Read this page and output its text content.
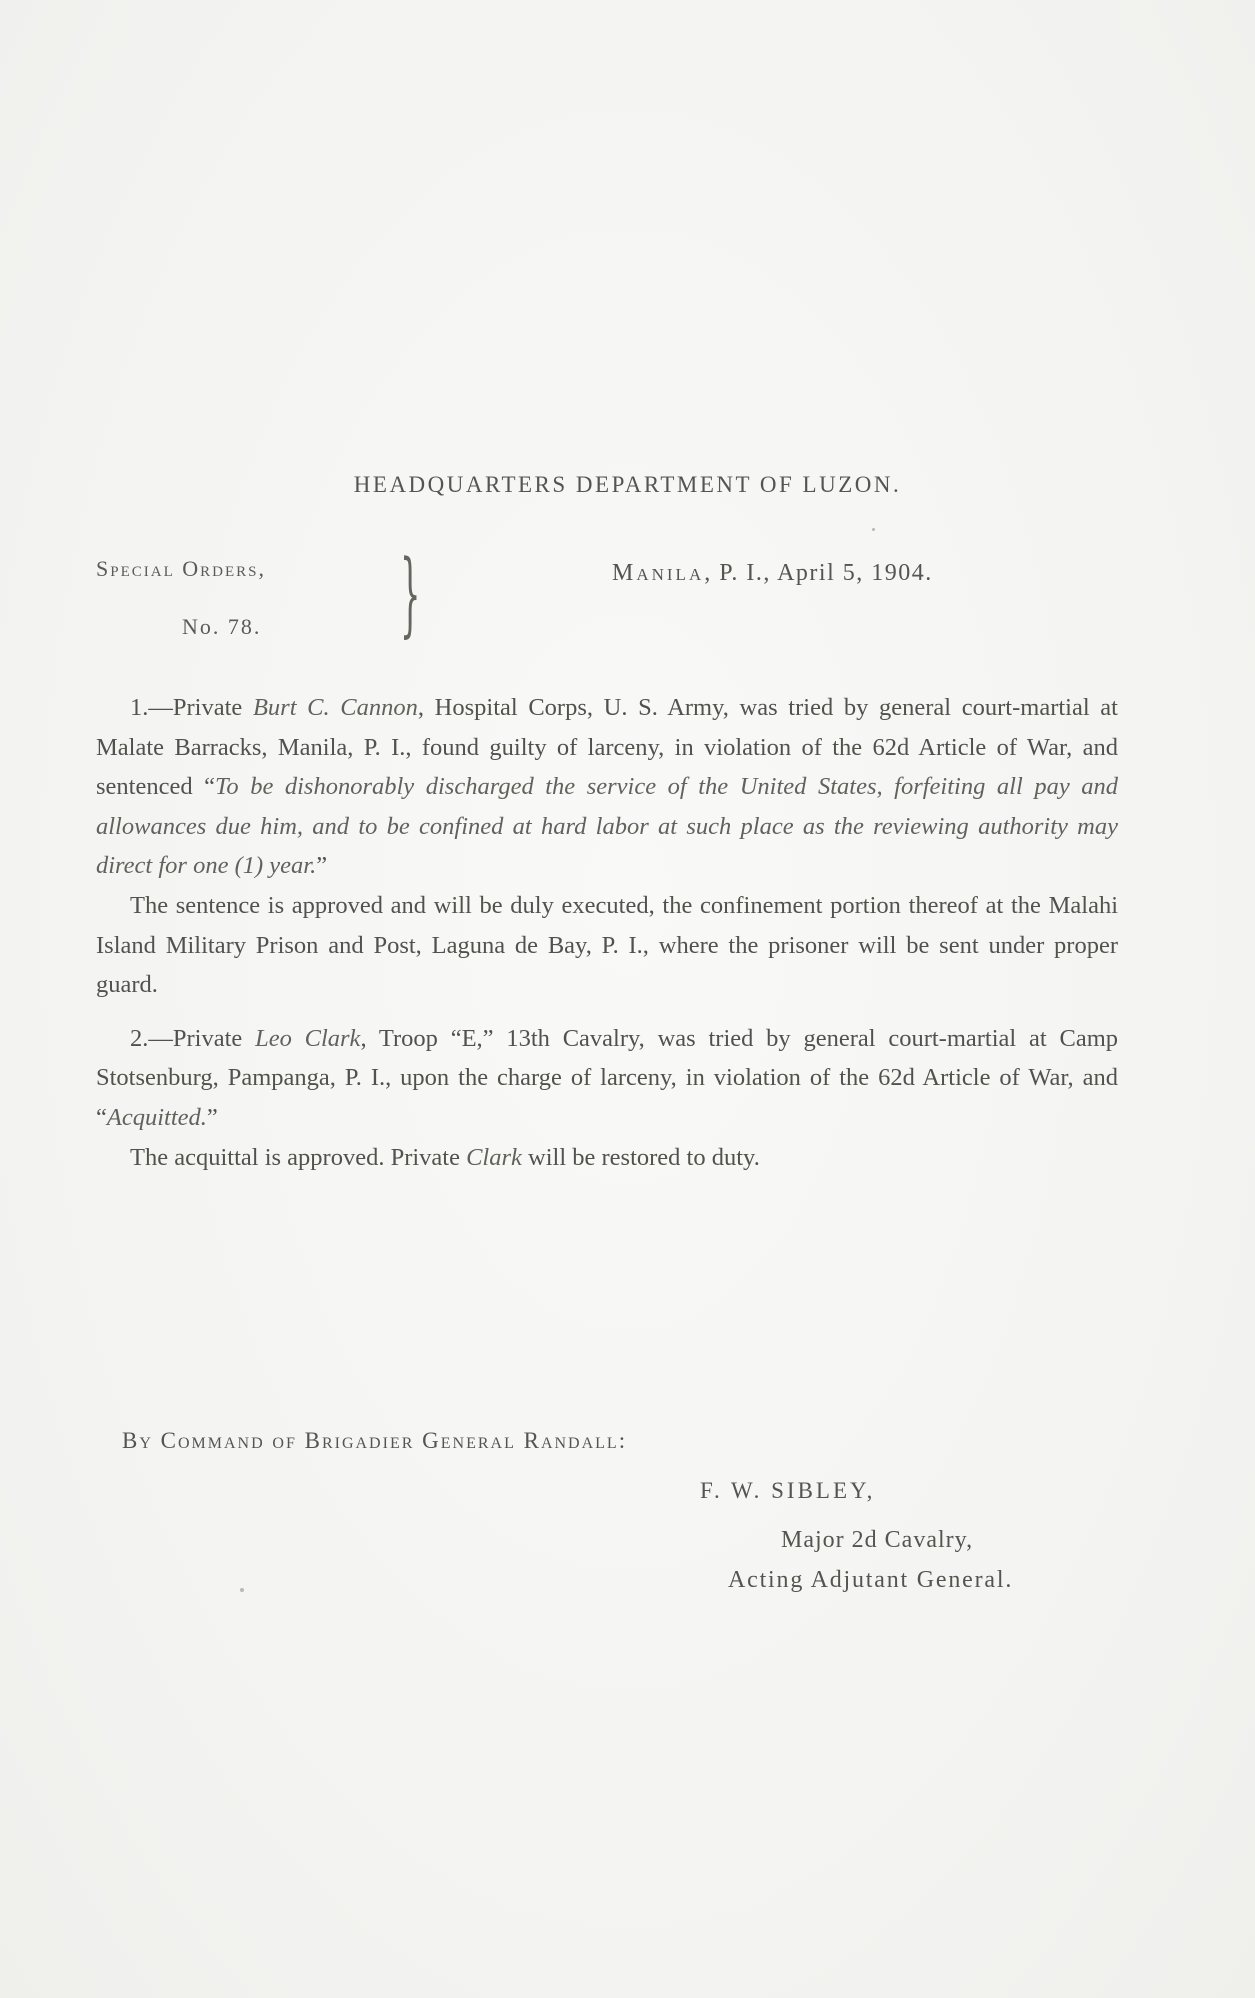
HEADQUARTERS DEPARTMENT OF LUZON.
Special Orders,
No. 78. }	Manila, P. I., April 5, 1904.

1.—Private Burt C. Cannon, Hospital Corps, U. S. Army, was tried by general court-martial at Malate Barracks, Manila, P. I., found guilty of larceny, in violation of the 62d Article of War, and sentenced “To be dishonorably discharged the service of the United States, forfeiting all pay and allowances due him, and to be confined at hard labor at such place as the reviewing authority may direct for one (1) year.”

The sentence is approved and will be duly executed, the confinement portion thereof at the Malahi Island Military Prison and Post, Laguna de Bay, P. I., where the prisoner will be sent under proper guard.

2.—Private Leo Clark, Troop “E,” 13th Cavalry, was tried by general court-martial at Camp Stotsenburg, Pampanga, P. I., upon the charge of larceny, in violation of the 62d Article of War, and “Acquitted.”

The acquittal is approved. Private Clark will be restored to duty.

By Command of Brigadier General Randall:
F. W. SIBLEY,
Major 2d Cavalry,
Acting Adjutant General.
